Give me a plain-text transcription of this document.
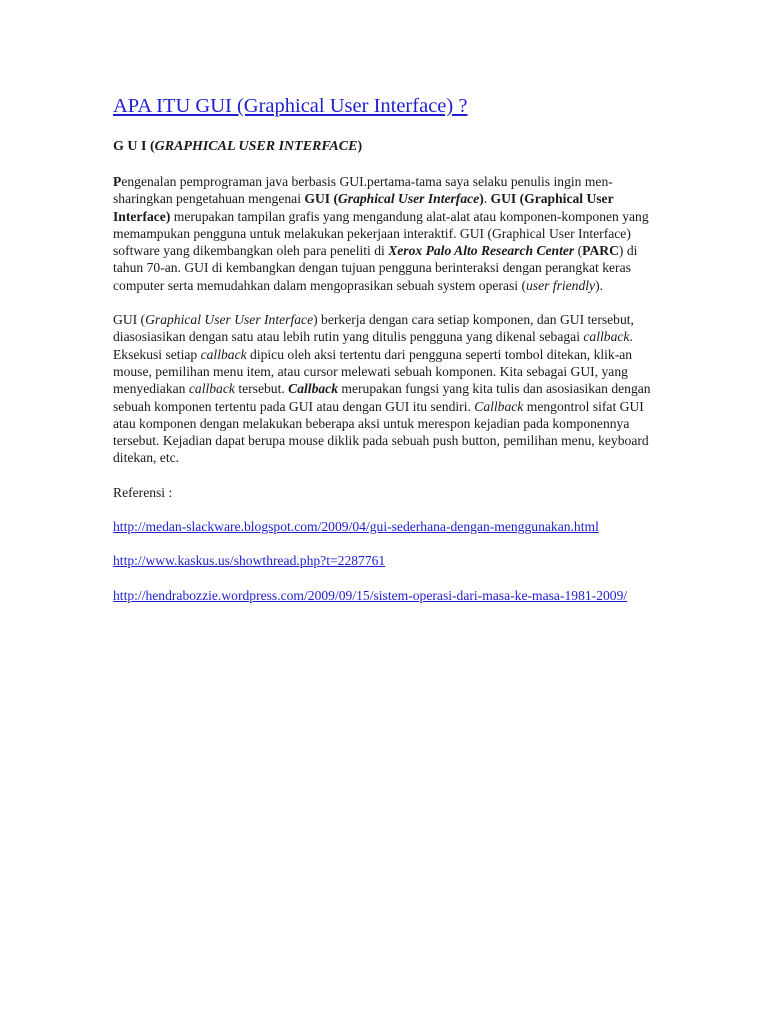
APA ITU GUI (Graphical User Interface) ?
G U I (GRAPHICAL USER INTERFACE)

Pengenalan pemprograman java berbasis GUI.pertama-tama saya selaku penulis ingin men-sharingkan pengetahuan mengenai GUI (Graphical User Interface). GUI (Graphical User Interface) merupakan tampilan grafis yang mengandung alat-alat atau komponen-komponen yang memampukan pengguna untuk melakukan pekerjaan interaktif. GUI (Graphical User Interface) software yang dikembangkan oleh para peneliti di Xerox Palo Alto Research Center (PARC) di tahun 70-an. GUI di kembangkan dengan tujuan pengguna berinteraksi dengan perangkat keras computer serta memudahkan dalam mengoprasikan sebuah system operasi (user friendly).

GUI (Graphical User User Interface) berkerja dengan cara setiap komponen, dan GUI tersebut, diasosiasikan dengan satu atau lebih rutin yang ditulis pengguna yang dikenal sebagai callback. Eksekusi setiap callback dipicu oleh aksi tertentu dari pengguna seperti tombol ditekan, klik-an mouse, pemilihan menu item, atau cursor melewati sebuah komponen. Kita sebagai GUI, yang menyediakan callback tersebut. Callback merupakan fungsi yang kita tulis dan asosiasikan dengan sebuah komponen tertentu pada GUI atau dengan GUI itu sendiri. Callback mengontrol sifat GUI atau komponen dengan melakukan beberapa aksi untuk merespon kejadian pada komponennya tersebut. Kejadian dapat berupa mouse diklik pada sebuah push button, pemilihan menu, keyboard ditekan, etc.

Referensi :
http://medan-slackware.blogspot.com/2009/04/gui-sederhana-dengan-menggunakan.html
http://www.kaskus.us/showthread.php?t=2287761
http://hendrabozzie.wordpress.com/2009/09/15/sistem-operasi-dari-masa-ke-masa-1981-2009/
